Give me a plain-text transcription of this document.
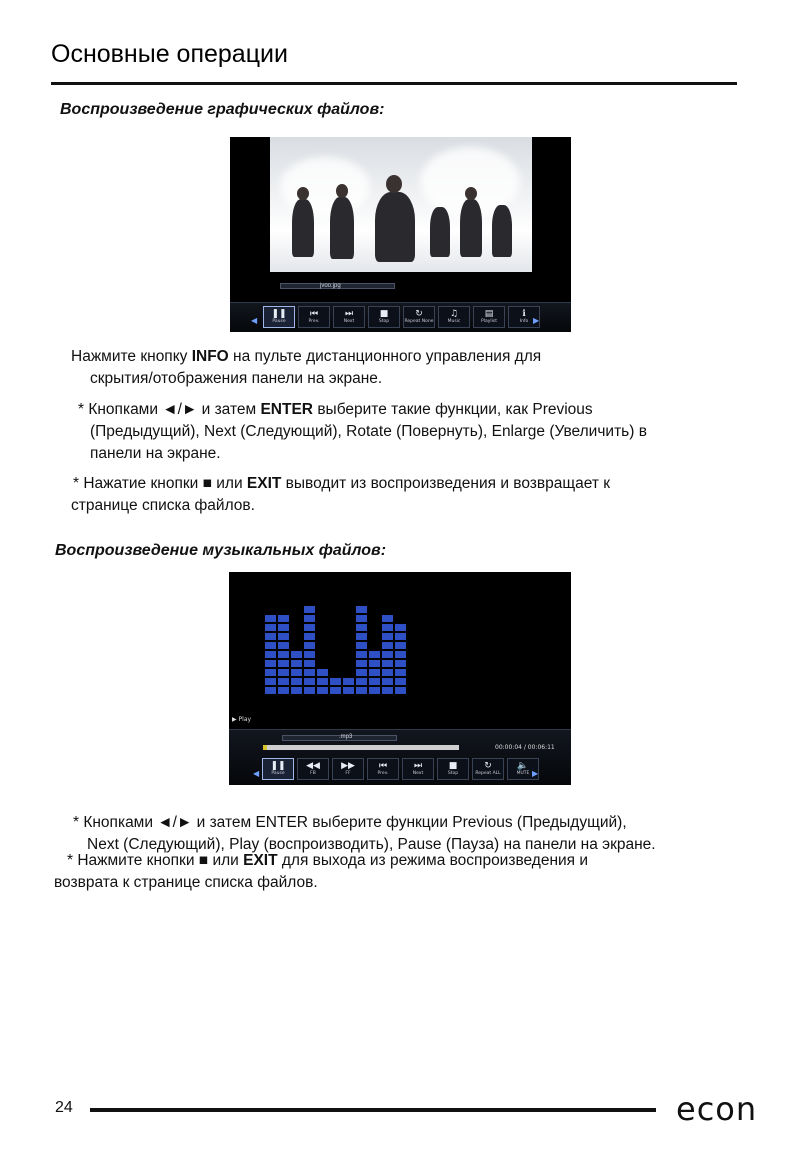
Основные операции
Воспроизведение графических файлов:
jvoo.jpg
◀
❚❚
Pause
⏮
Prev.
⏭
Next
■
Stop
↻
Repeat None
♫
Music
▤
Playlist
ℹ
Info ▶
Нажмите кнопку INFO на пульте дистанционного управления для
скрытия/отображения панели на экране.
* Кнопками ◄/► и затем ENTER выберите такие функции, как Previous
(Предыдущий), Next (Следующий), Rotate (Повернуть), Enlarge (Увеличить) в
панели на экране.
* Нажатие кнопки ■ или EXIT выводит из воспроизведения и возвращает к
странице списка файлов.
Воспроизведение музыкальных файлов:
▶ Play
.mp3
00:00:04 / 00:06:11
◀
❚❚
Pause
◀◀
FB
▶▶
FF
⏮
Prev.
⏭
Next
■
Stop
↻
Repeat ALL
🔈
MUTE ▶
* Кнопками ◄/► и затем ENTER выберите функции Previous (Предыдущий),
Next (Следующий), Play (воспроизводить), Pause (Пауза) на панели на экране.
* Нажмите кнопки ■ или EXIT для выхода из режима воспроизведения и
возврата к странице списка файлов.
24	econ
